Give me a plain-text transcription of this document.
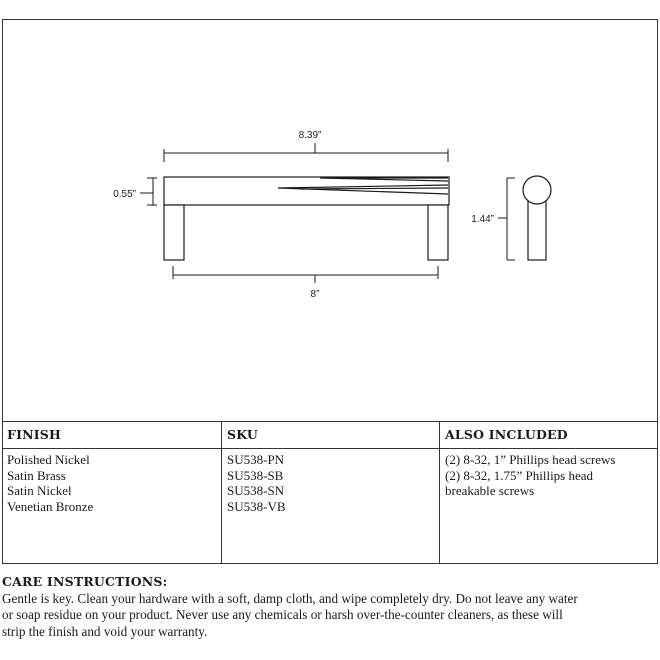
8.39”
0.55”
8”
1.44”
FINISH
Polished Nickel
Satin Brass
Satin Nickel
Venetian Bronze
SKU
SU538-PN
SU538-SB
SU538-SN
SU538-VB
ALSO INCLUDED
(2) 8-32, 1” Phillips head screws
(2) 8-32, 1.75” Phillips head
breakable screws
CARE INSTRUCTIONS:
Gentle is key. Clean your hardware with a soft, damp cloth, and wipe completely dry. Do not leave any water
or soap residue on your product. Never use any chemicals or harsh over-the-counter cleaners, as these will
strip the finish and void your warranty.
